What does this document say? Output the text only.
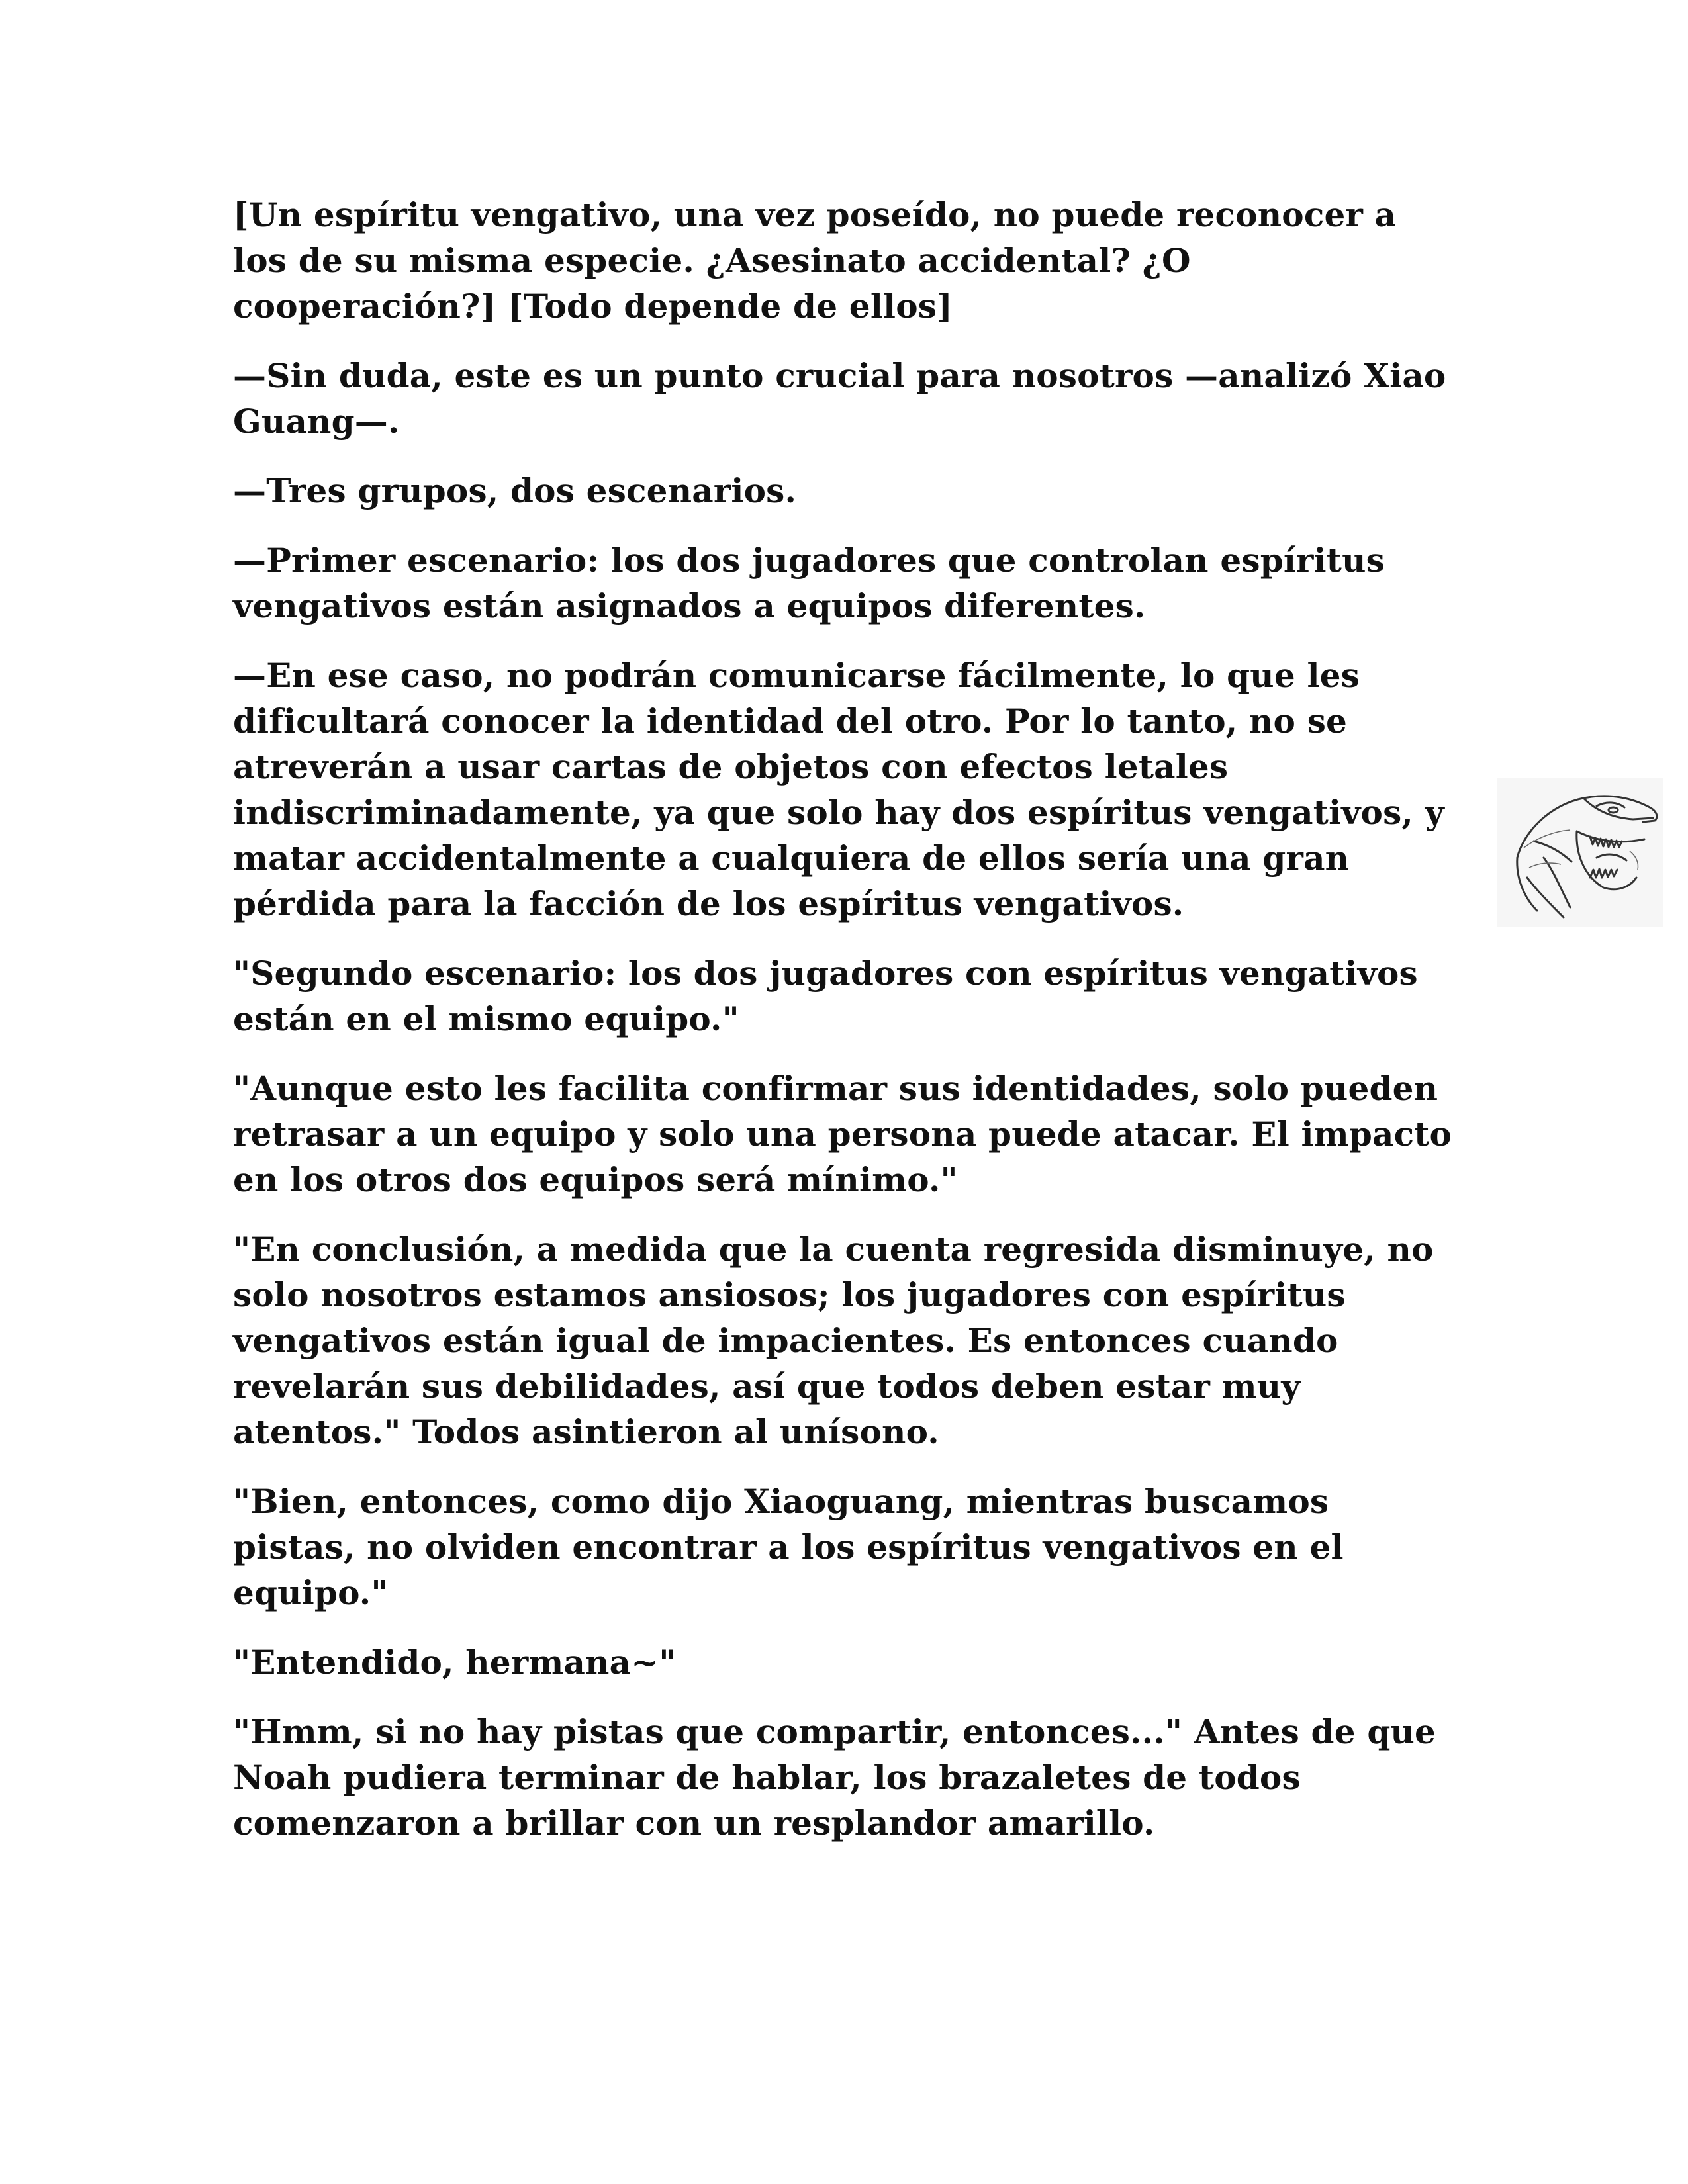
[Un espíritu vengativo, una vez poseído, no puede reconocer a los de su misma especie. ¿Asesinato accidental? ¿O cooperación?] [Todo depende de ellos]

—Sin duda, este es un punto crucial para nosotros —analizó Xiao Guang—.

—Tres grupos, dos escenarios.

—Primer escenario: los dos jugadores que controlan espíritus vengativos están asignados a equipos diferentes.

—En ese caso, no podrán comunicarse fácilmente, lo que les dificultará conocer la identidad del otro. Por lo tanto, no se atreverán a usar cartas de objetos con efectos letales indiscriminadamente, ya que solo hay dos espíritus vengativos, y matar accidentalmente a cualquiera de ellos sería una gran pérdida para la facción de los espíritus vengativos.

"Segundo escenario: los dos jugadores con espíritus vengativos están en el mismo equipo."

"Aunque esto les facilita confirmar sus identidades, solo pueden retrasar a un equipo y solo una persona puede atacar. El impacto en los otros dos equipos será mínimo."

"En conclusión, a medida que la cuenta regresida disminuye, no solo nosotros estamos ansiosos; los jugadores con espíritus vengativos están igual de impacientes. Es entonces cuando revelarán sus debilidades, así que todos deben estar muy atentos." Todos asintieron al unísono.

"Bien, entonces, como dijo Xiaoguang, mientras buscamos pistas, no olviden encontrar a los espíritus vengativos en el equipo."

"Entendido, hermana~"

"Hmm, si no hay pistas que compartir, entonces..." Antes de que Noah pudiera terminar de hablar, los brazaletes de todos comenzaron a brillar con un resplandor amarillo.
